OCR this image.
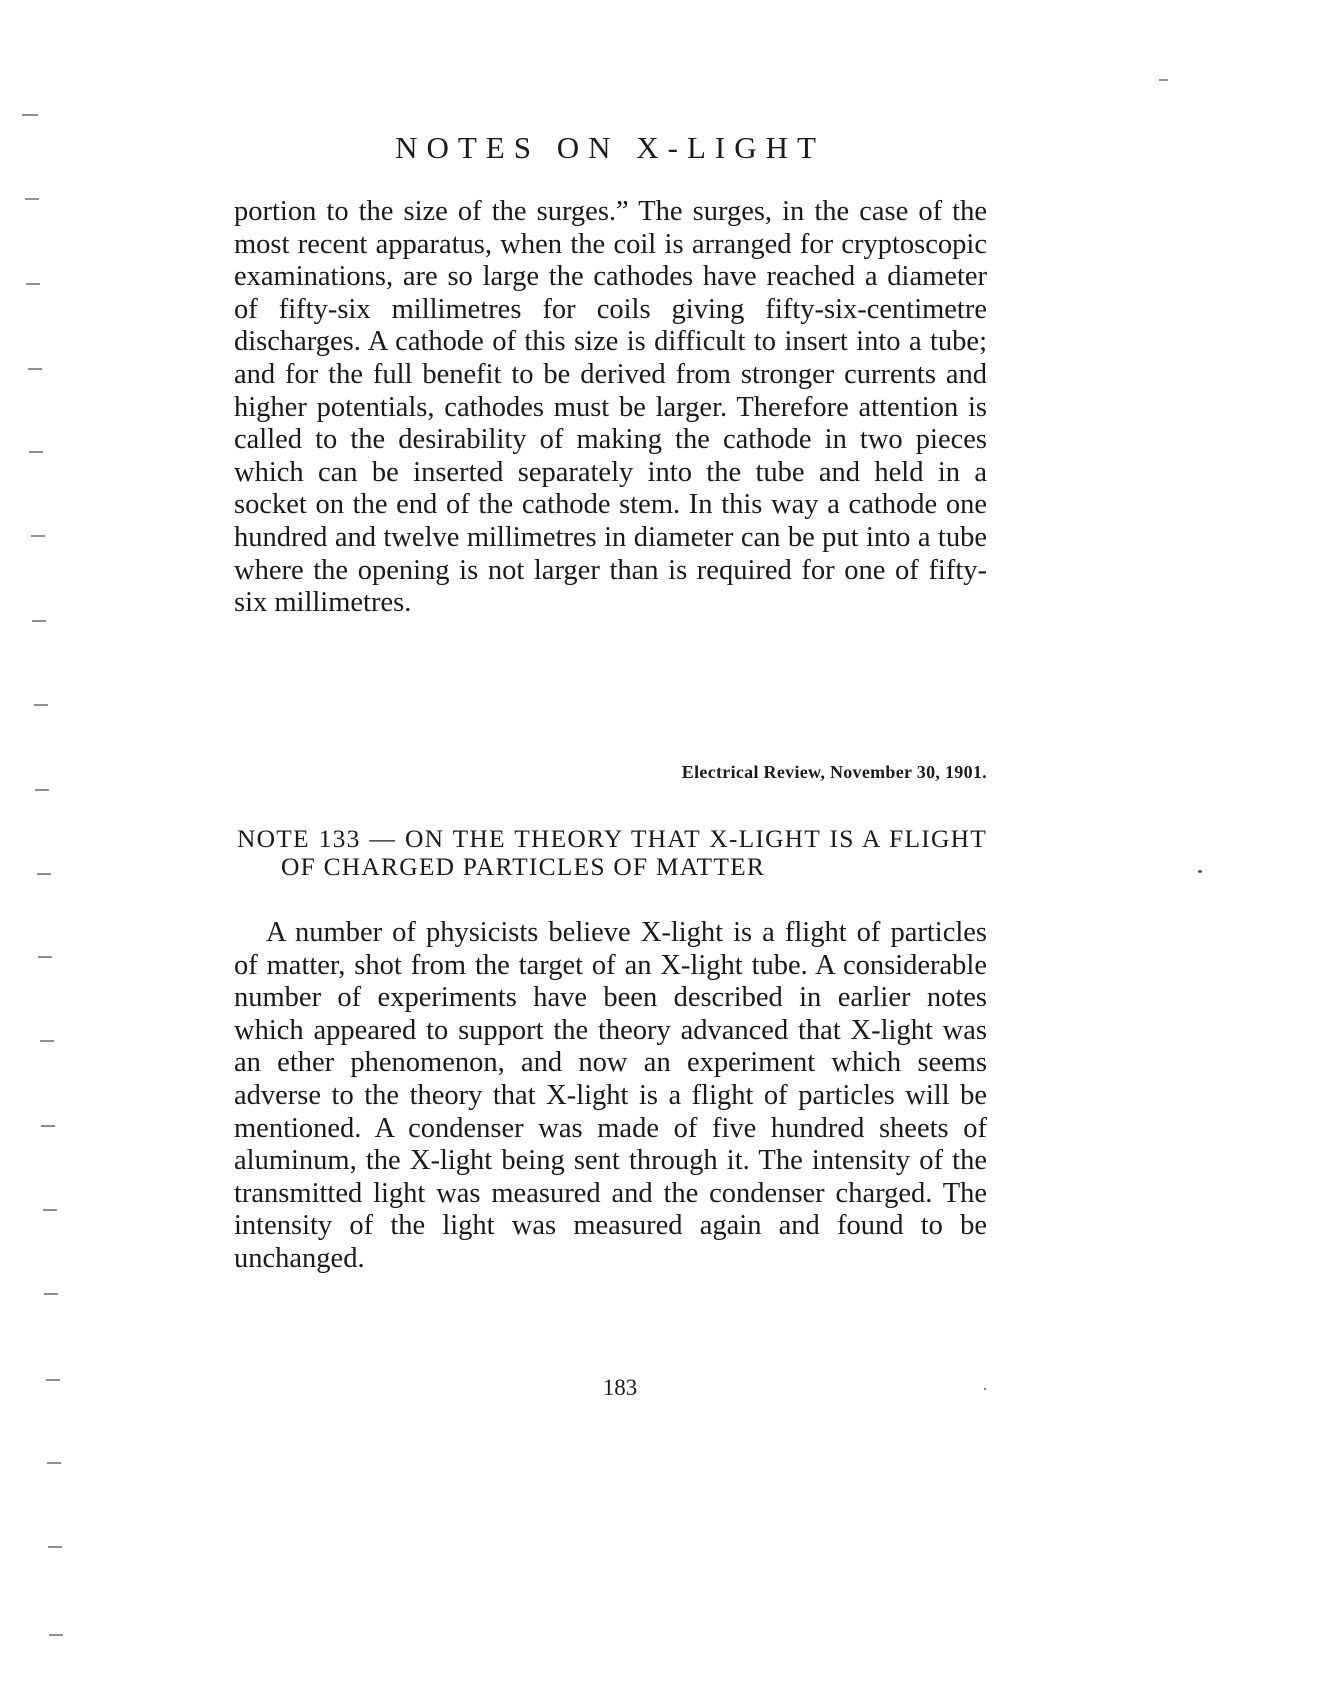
NOTES ON X-LIGHT

portion to the size of the surges.” The surges, in the case of the most recent apparatus, when the coil is arranged for cryptoscopic examinations, are so large the cathodes have reached a diameter of fifty-six millimetres for coils giving fifty-six-centimetre discharges. A cathode of this size is difficult to insert into a tube; and for the full benefit to be derived from stronger currents and higher potentials, cathodes must be larger. Therefore attention is called to the desirability of making the cathode in two pieces which can be inserted separately into the tube and held in a socket on the end of the cathode stem. In this way a cathode one hundred and twelve millimetres in diameter can be put into a tube where the opening is not larger than is required for one of fifty-six millimetres.

Electrical Review, November 30, 1901.

NOTE 133 — ON THE THEORY THAT X-LIGHT IS A FLIGHT OF CHARGED PARTICLES OF MATTER

A number of physicists believe X-light is a flight of particles of matter, shot from the target of an X-light tube. A considerable number of experiments have been described in earlier notes which appeared to support the theory advanced that X-light was an ether phenomenon, and now an experiment which seems adverse to the theory that X-light is a flight of particles will be mentioned. A condenser was made of five hundred sheets of aluminum, the X-light being sent through it. The intensity of the transmitted light was measured and the condenser charged. The intensity of the light was measured again and found to be unchanged.

183
